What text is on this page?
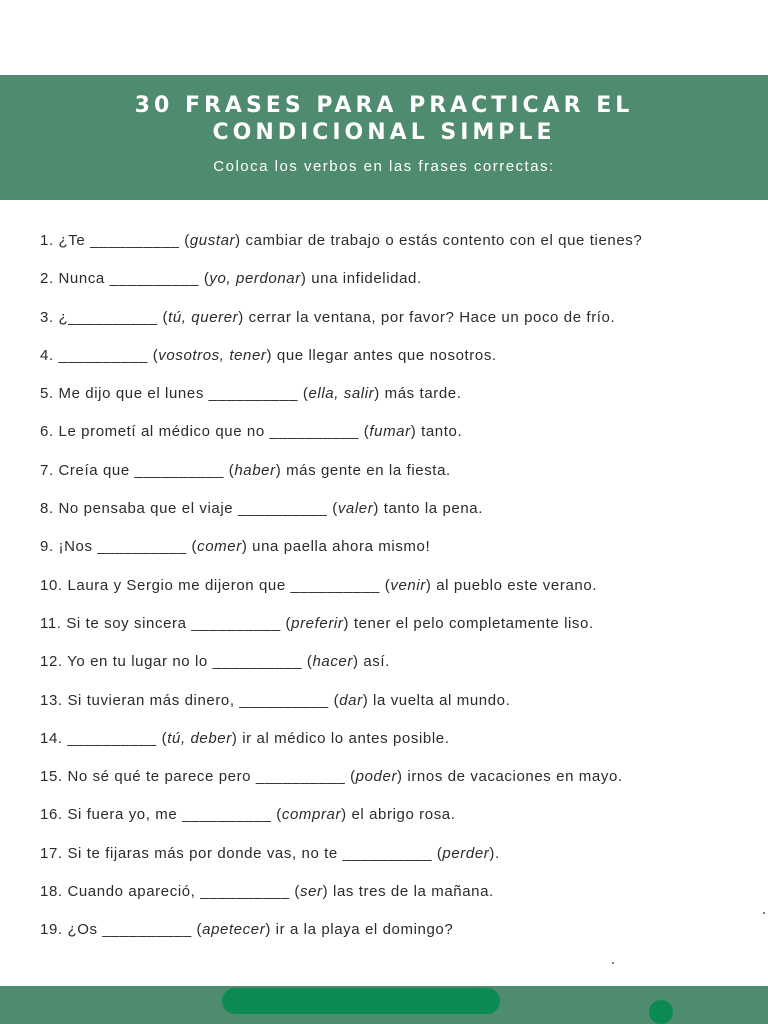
30 FRASES PARA PRACTICAR EL
CONDICIONAL SIMPLE
Coloca los verbos en las frases correctas:
1. ¿Te __________ (gustar) cambiar de trabajo o estás contento con el que tienes?
2. Nunca __________ (yo, perdonar) una infidelidad.
3. ¿__________ (tú, querer) cerrar la ventana, por favor? Hace un poco de frío.
4. __________ (vosotros, tener) que llegar antes que nosotros.
5. Me dijo que el lunes __________ (ella, salir) más tarde.
6. Le prometí al médico que no __________ (fumar) tanto.
7. Creía que __________ (haber) más gente en la fiesta.
8. No pensaba que el viaje __________ (valer) tanto la pena.
9. ¡Nos __________ (comer) una paella ahora mismo!
10. Laura y Sergio me dijeron que __________ (venir) al pueblo este verano.
11. Si te soy sincera __________ (preferir) tener el pelo completamente liso.
12. Yo en tu lugar no lo __________ (hacer) así.
13. Si tuvieran más dinero, __________ (dar) la vuelta al mundo.
14. __________ (tú, deber) ir al médico lo antes posible.
15. No sé qué te parece pero __________ (poder) irnos de vacaciones en mayo.
16. Si fuera yo, me __________ (comprar) el abrigo rosa.
17. Si te fijaras más por donde vas, no te __________ (perder).
18. Cuando apareció, __________ (ser) las tres de la mañana.
19. ¿Os __________ (apetecer) ir a la playa el domingo?
